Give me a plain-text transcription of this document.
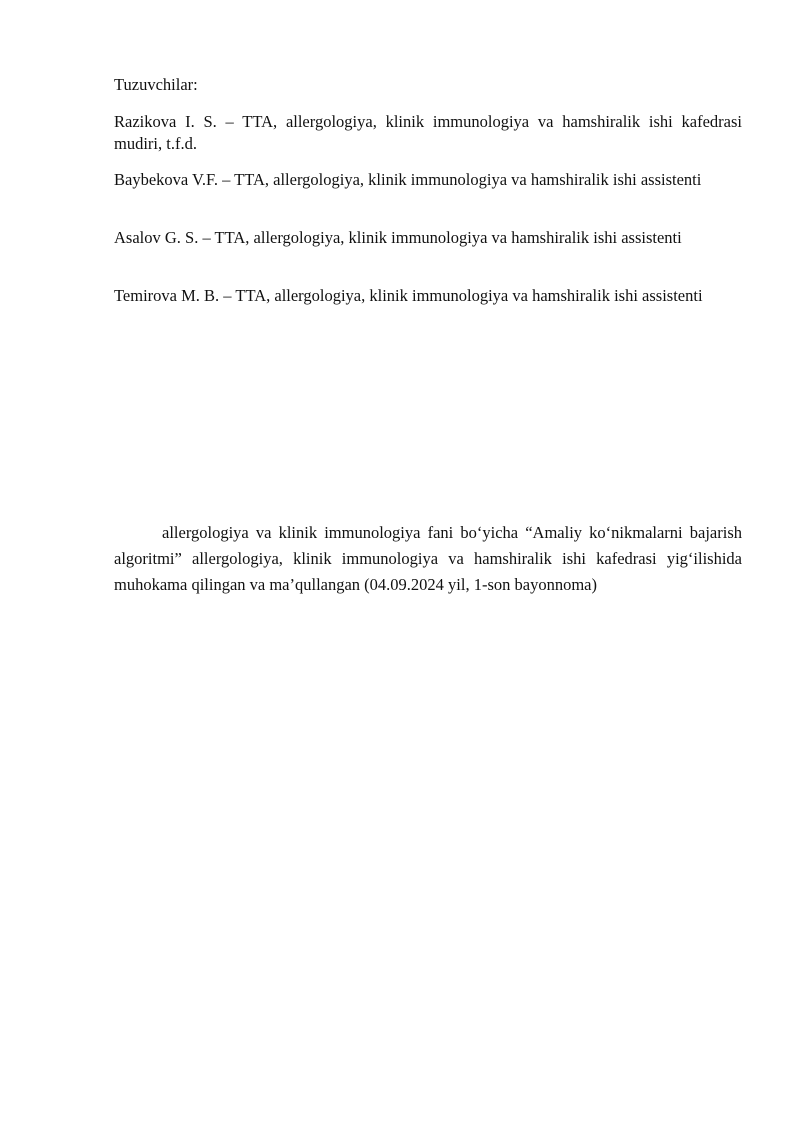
Tuzuvchilar:
Razikova I. S. – TTA, allergologiya, klinik immunologiya va hamshiralik ishi kafedrasi mudiri, t.f.d.
Baybekova V.F. – TTA, allergologiya, klinik immunologiya va hamshiralik ishi assistenti
Asalov G. S. – TTA, allergologiya, klinik immunologiya va hamshiralik ishi assistenti
Temirova M. B. – TTA, allergologiya, klinik immunologiya va hamshiralik ishi assistenti
allergologiya va klinik immunologiya fani bo‘yicha “Amaliy ko‘nikmalarni bajarish algoritmi” allergologiya, klinik immunologiya va hamshiralik ishi kafedrasi yig‘ilishida muhokama qilingan va ma’qullangan (04.09.2024 yil, 1-son bayonnoma)
